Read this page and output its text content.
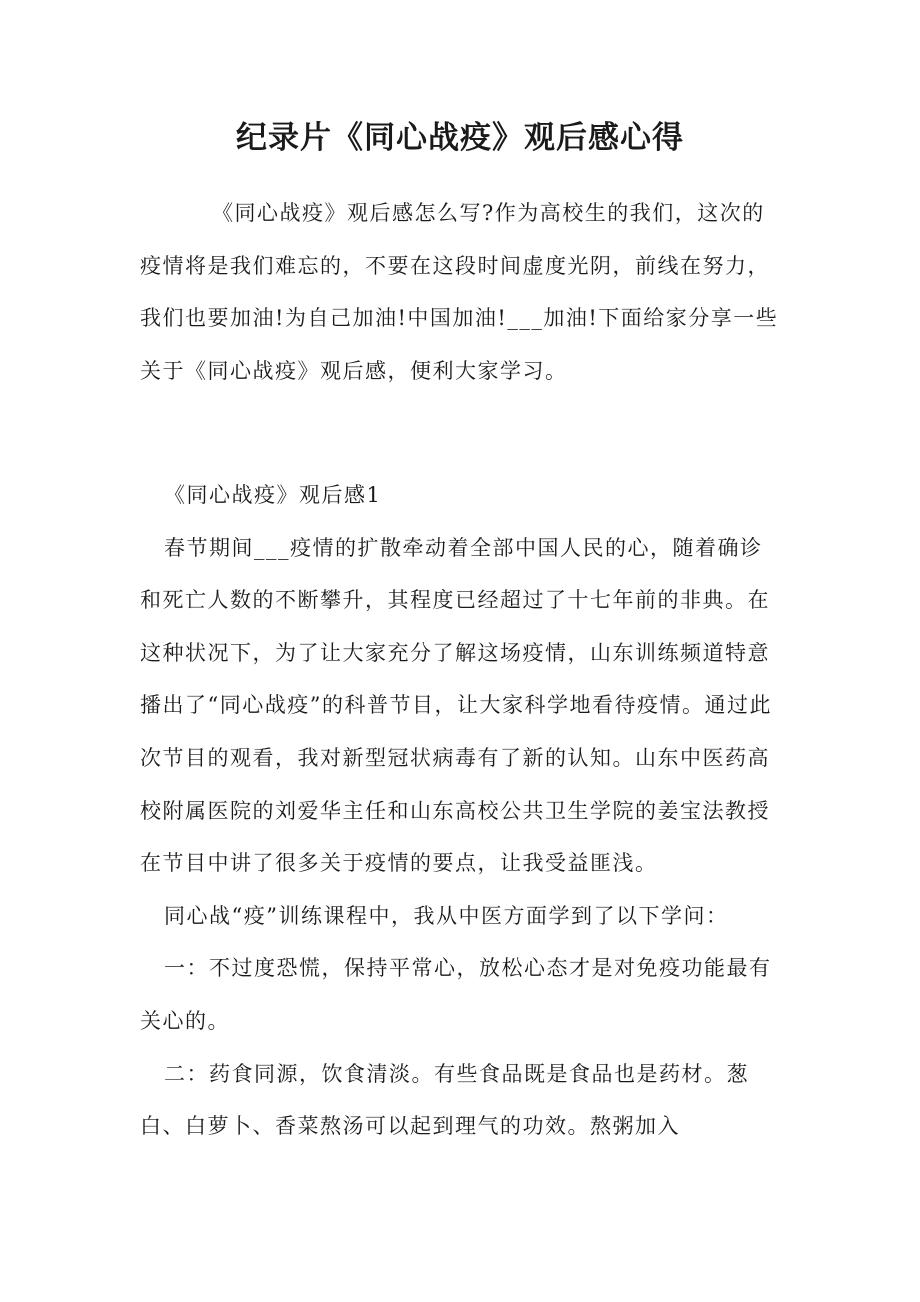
纪录片《同心战疫》观后感心得

《同心战疫》观后感怎么写?作为高校生的我们，这次的疫情将是我们难忘的，不要在这段时间虚度光阴，前线在努力，我们也要加油!为自己加油!中国加油!___加油!下面给家分享一些关于《同心战疫》观后感，便利大家学习。

《同心战疫》观后感1

春节期间___疫情的扩散牵动着全部中国人民的心，随着确诊和死亡人数的不断攀升，其程度已经超过了十七年前的非典。在这种状况下，为了让大家充分了解这场疫情，山东训练频道特意播出了“同心战疫”的科普节目，让大家科学地看待疫情。通过此次节目的观看，我对新型冠状病毒有了新的认知。山东中医药高校附属医院的刘爱华主任和山东高校公共卫生学院的姜宝法教授在节目中讲了很多关于疫情的要点，让我受益匪浅。

同心战“疫”训练课程中，我从中医方面学到了以下学问：

一：不过度恐慌，保持平常心，放松心态才是对免疫功能最有关心的。

二：药食同源，饮食清淡。有些食品既是食品也是药材。葱白、白萝卜、香菜熬汤可以起到理气的功效。熬粥加入
